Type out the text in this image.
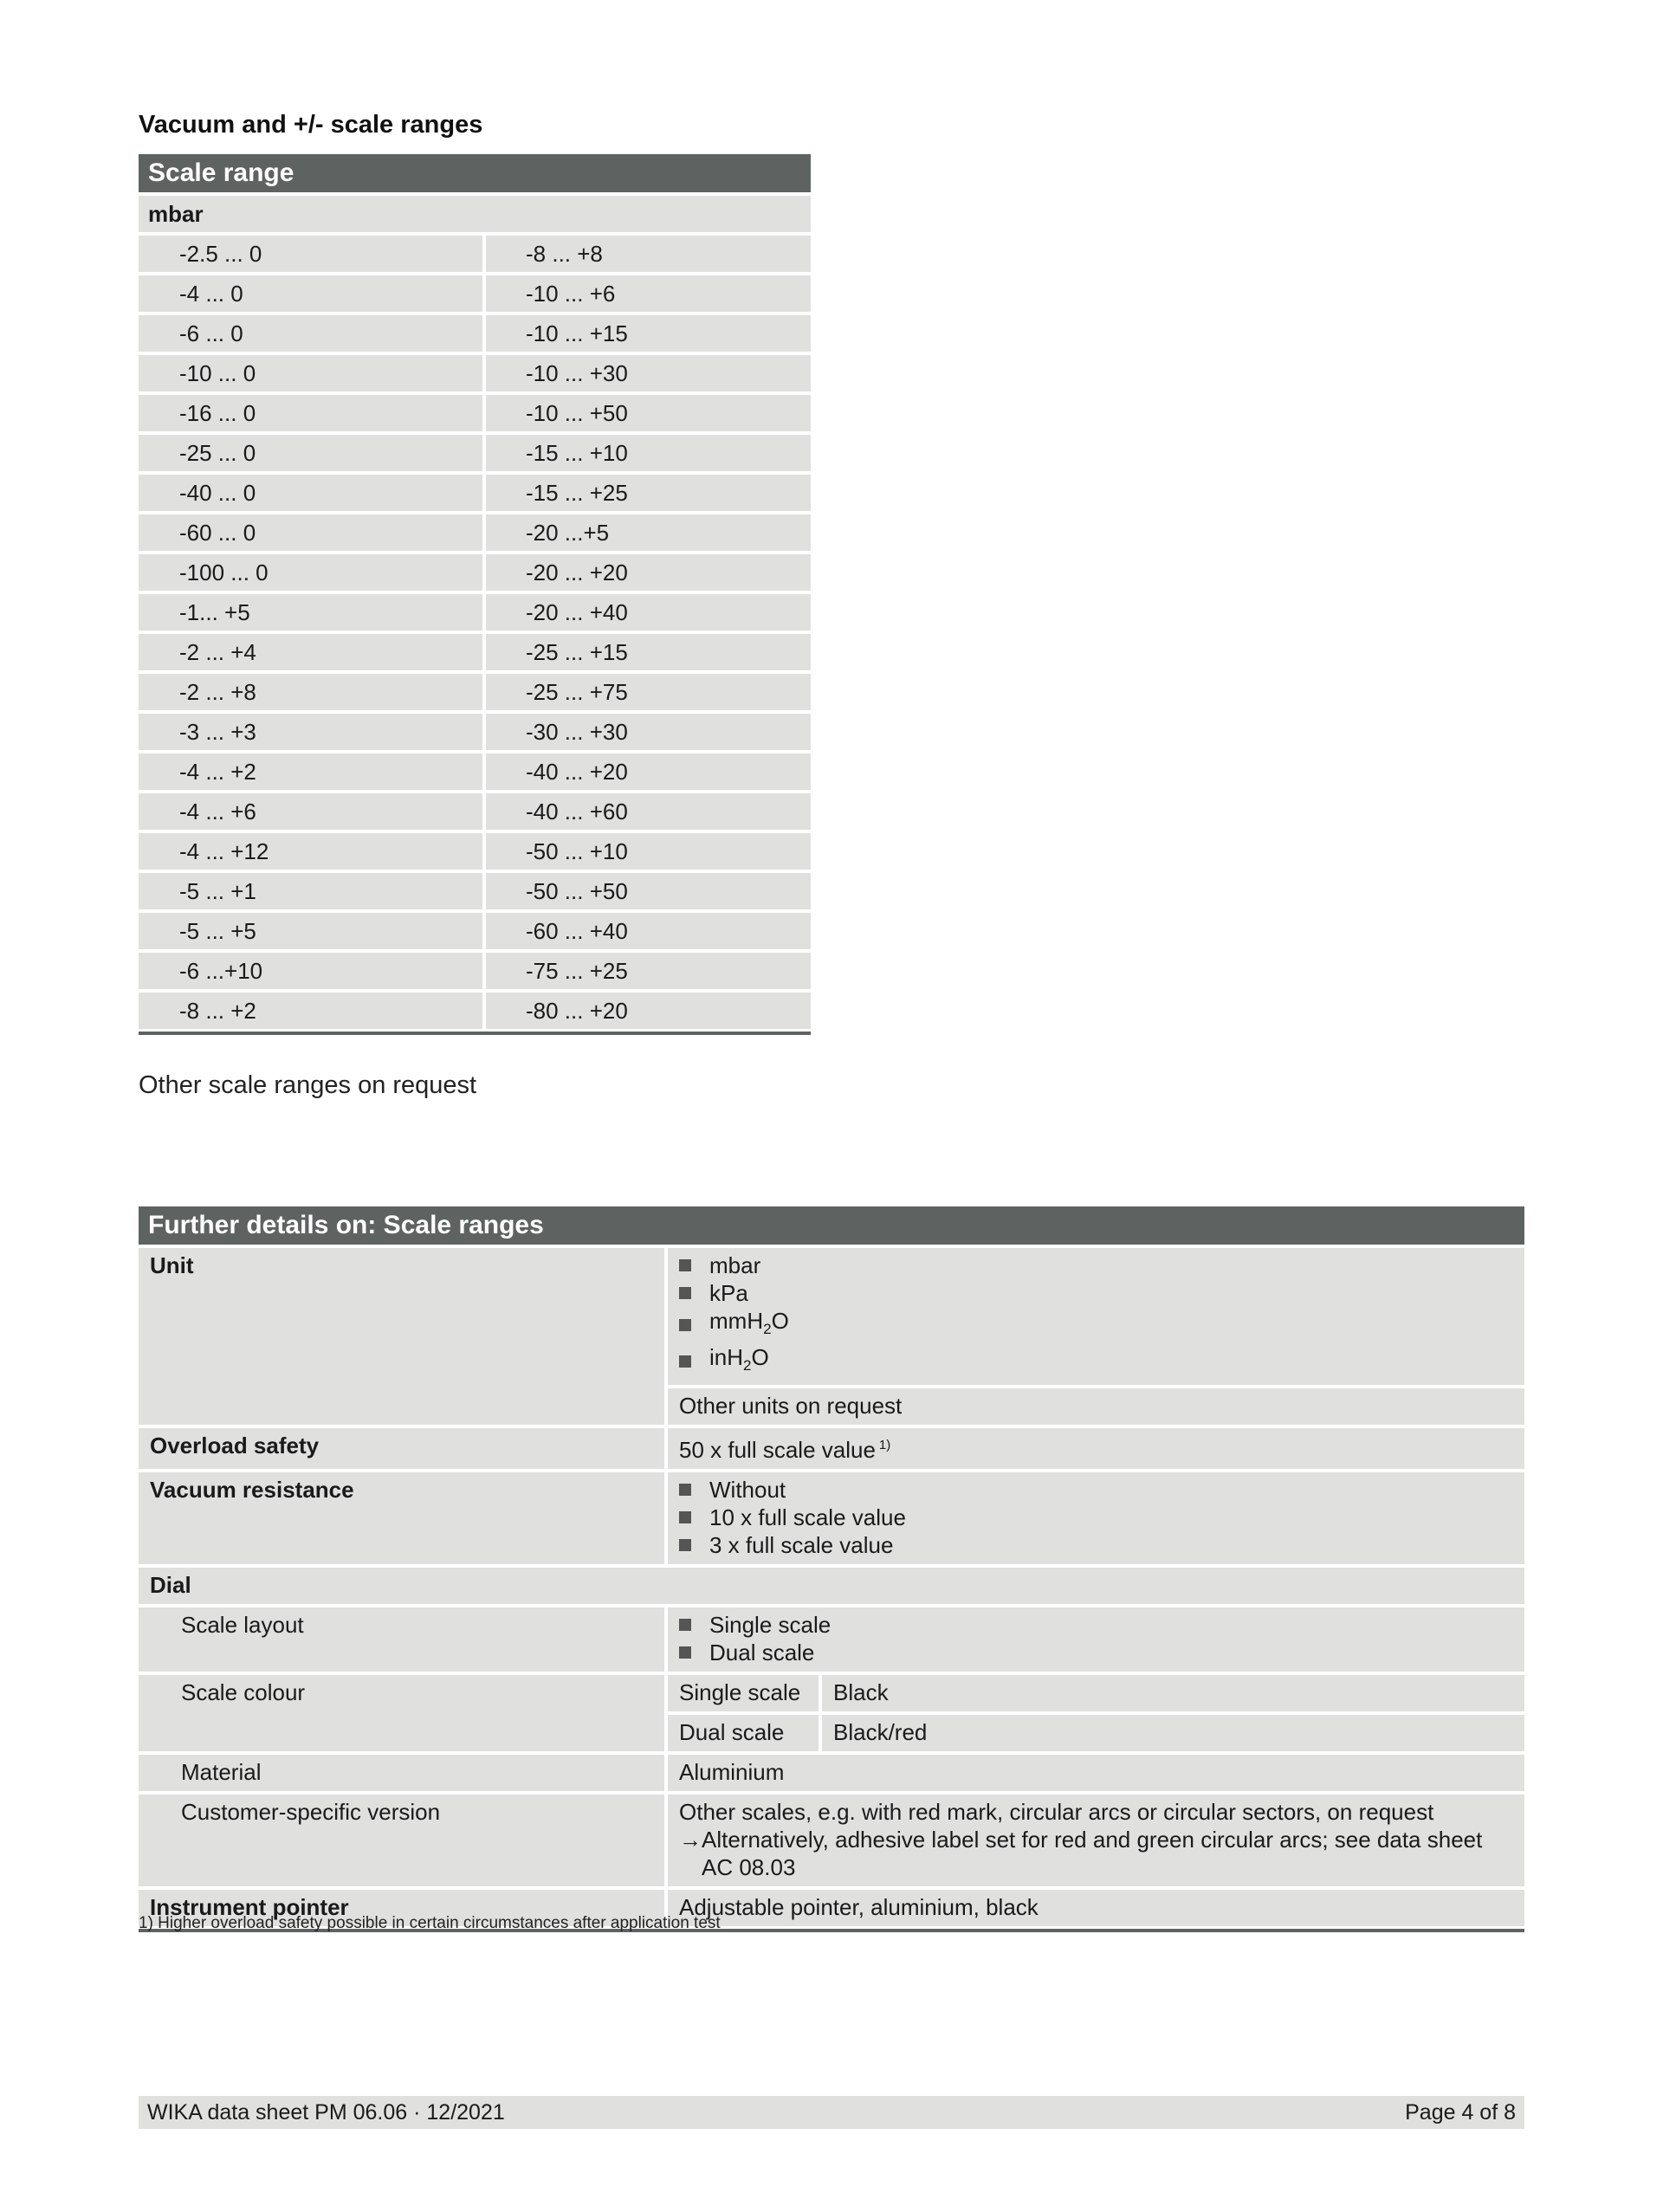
Vacuum and +/- scale ranges
Scale range
mbar
-2.5 ... 0	-8 ... +8
-4 ... 0	-10 ... +6
-6 ... 0	-10 ... +15
-10 ... 0	-10 ... +30
-16 ... 0	-10 ... +50
-25 ... 0	-15 ... +10
-40 ... 0	-15 ... +25
-60 ... 0	-20 ...+5
-100 ... 0	-20 ... +20
-1... +5	-20 ... +40
-2 ... +4	-25 ... +15
-2 ... +8	-25 ... +75
-3 ... +3	-30 ... +30
-4 ... +2	-40 ... +20
-4 ... +6	-40 ... +60
-4 ... +12	-50 ... +10
-5 ... +1	-50 ... +50
-5 ... +5	-60 ... +40
-6 ...+10	-75 ... +25
-8 ... +2	-80 ... +20
Other scale ranges on request
Further details on: Scale ranges
Unit	mbar
kPa
mmH$_2$O
inH$_2$O
Other units on request
Overload safety	50 x full scale value $^{1)}$
Vacuum resistance	Without
10 x full scale value
3 x full scale value
Dial
Scale layout	Single scale
Dual scale
Scale colour	Single scale	Black
Dual scale	Black/red
Material	Aluminium
Customer-specific version	Other scales, e.g. with red mark, circular arcs or circular sectors, on request
→ Alternatively, adhesive label set for red and green circular arcs; see data sheet
AC 08.03
Instrument pointer	Adjustable pointer, aluminium, black
1) Higher overload safety possible in certain circumstances after application test
WIKA data sheet PM 06.06 · 12/2021	Page 4 of 8
